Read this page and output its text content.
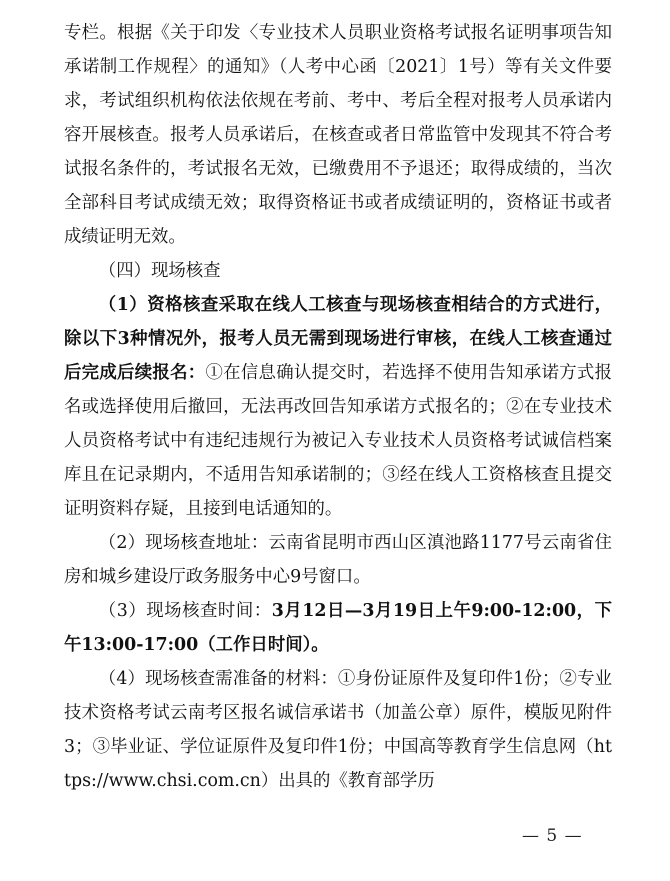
专栏。根据《关于印发〈专业技术人员职业资格考试报名证明事项告知承诺制工作规程〉的通知》（人考中心函〔2021〕1号）等有关文件要求，考试组织机构依法依规在考前、考中、考后全程对报考人员承诺内容开展核查。报考人员承诺后，在核查或者日常监管中发现其不符合考试报名条件的，考试报名无效，已缴费用不予退还；取得成绩的，当次全部科目考试成绩无效；取得资格证书或者成绩证明的，资格证书或者成绩证明无效。

（四）现场核查

（1）资格核查采取在线人工核查与现场核查相结合的方式进行，除以下3种情况外，报考人员无需到现场进行审核，在线人工核查通过后完成后续报名：①在信息确认提交时，若选择不使用告知承诺方式报名或选择使用后撤回，无法再改回告知承诺方式报名的；②在专业技术人员资格考试中有违纪违规行为被记入专业技术人员资格考试诚信档案库且在记录期内，不适用告知承诺制的；③经在线人工资格核查且提交证明资料存疑，且接到电话通知的。

（2）现场核查地址：云南省昆明市西山区滇池路1177号云南省住房和城乡建设厅政务服务中心9号窗口。

（3）现场核查时间：3月12日—3月19日上午9:00-12:00，下午13:00-17:00（工作日时间）。

（4）现场核查需准备的材料：①身份证原件及复印件1份；②专业技术资格考试云南考区报名诚信承诺书（加盖公章）原件，模版见附件3；③毕业证、学位证原件及复印件1份；中国高等教育学生信息网（https://www.chsi.com.cn）出具的《教育部学历

— 5 —
